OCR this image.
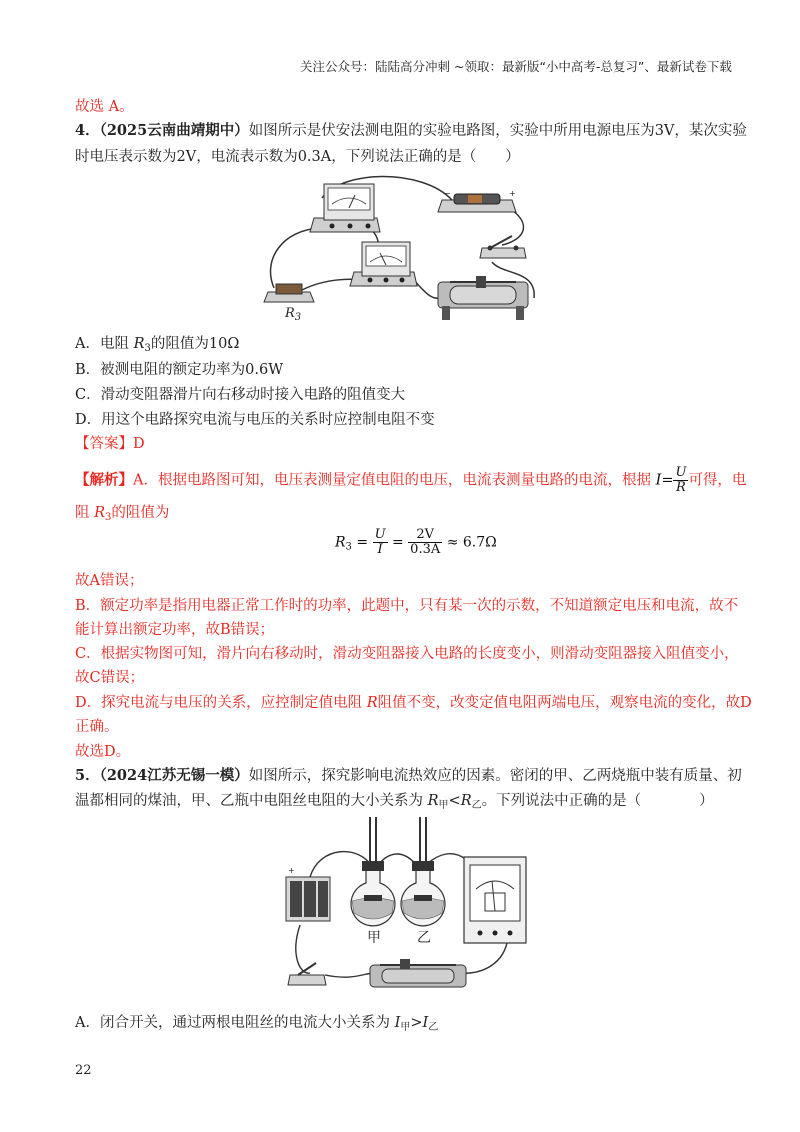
关注公众号：陆陆高分冲刺 ~领取：最新版“小中高考-总复习”、最新试卷下载
故选 A。
4．（2025云南曲靖期中）如图所示是伏安法测电阻的实验电路图，实验中所用电源电压为3V，某次实验
时电压表示数为2V，电流表示数为0.3A，下列说法正确的是（　　）
−	+
$R_3$
A．电阻 $R_3$的阻值为10Ω
B．被测电阻的额定功率为0.6W
C．滑动变阻器滑片向右移动时接入电路的阻值变大
D．用这个电路探究电流与电压的关系时应控制电阻不变
【答案】D
【解析】A．根据电路图可知，电压表测量定值电阻的电压，电流表测量电路的电流，根据 $I= \frac{U}{R}$ 可得，电
阻 $R_3$的阻值为
$R_3 = \frac{U}{I} = \frac{2V}{0.3A} \approx 6.7\Omega$
故A错误；
B．额定功率是指用电器正常工作时的功率，此题中，只有某一次的示数，不知道额定电压和电流，故不
能计算出额定功率，故B错误；
C．根据实物图可知，滑片向右移动时，滑动变阻器接入电路的长度变小，则滑动变阻器接入阻值变小，
故C错误；
D．探究电流与电压的关系，应控制定值电阻 R阻值不变，改变定值电阻两端电压，观察电流的变化，故D
正确。
故选D。
5．（2024江苏无锡一模）如图所示，探究影响电流热效应的因素。密闭的甲、乙两烧瓶中装有质量、初
温都相同的煤油，甲、乙瓶中电阻丝电阻的大小关系为 $R_甲<R_乙$。下列说法中正确的是（　　　　）
+
甲	乙
A．闭合开关，通过两根电阻丝的电流大小关系为 $I_甲>I_乙$
22
